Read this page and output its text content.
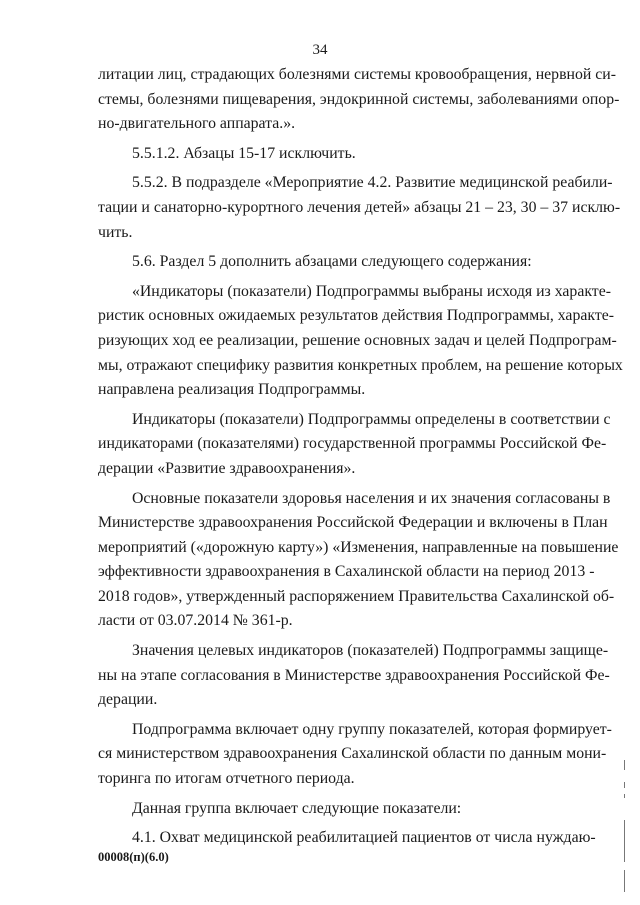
34
литации лиц, страдающих болезнями системы кровообращения, нервной си-
стемы, болезнями пищеварения, эндокринной системы, заболеваниями опор-
но-двигательного аппарата.».
5.5.1.2. Абзацы 15-17 исключить.
5.5.2. В подразделе «Мероприятие 4.2. Развитие медицинской реабили-
тации и санаторно-курортного лечения детей» абзацы 21 – 23, 30 – 37 исклю-
чить.
5.6. Раздел 5 дополнить абзацами следующего содержания:
«Индикаторы (показатели) Подпрограммы выбраны исходя из характе-
ристик основных ожидаемых результатов действия Подпрограммы, характе-
ризующих ход ее реализации, решение основных задач и целей Подпрограм-
мы, отражают специфику развития конкретных проблем, на решение которых
направлена реализация Подпрограммы.
Индикаторы (показатели) Подпрограммы определены в соответствии с
индикаторами (показателями) государственной программы Российской Фе-
дерации «Развитие здравоохранения».
Основные показатели здоровья населения и их значения согласованы в
Министерстве здравоохранения Российской Федерации и включены в План
мероприятий («дорожную карту») «Изменения, направленные на повышение
эффективности здравоохранения в Сахалинской области на период 2013 -
2018 годов», утвержденный распоряжением Правительства Сахалинской об-
ласти от 03.07.2014 № 361-р.
Значения целевых индикаторов (показателей) Подпрограммы защище-
ны на этапе согласования в Министерстве здравоохранения Российской Фе-
дерации.
Подпрограмма включает одну группу показателей, которая формирует-
ся министерством здравоохранения Сахалинской области по данным мони-
торинга по итогам отчетного периода.
Данная группа включает следующие показатели:
4.1. Охват медицинской реабилитацией пациентов от числа нуждаю-
00008(п)(6.0)
